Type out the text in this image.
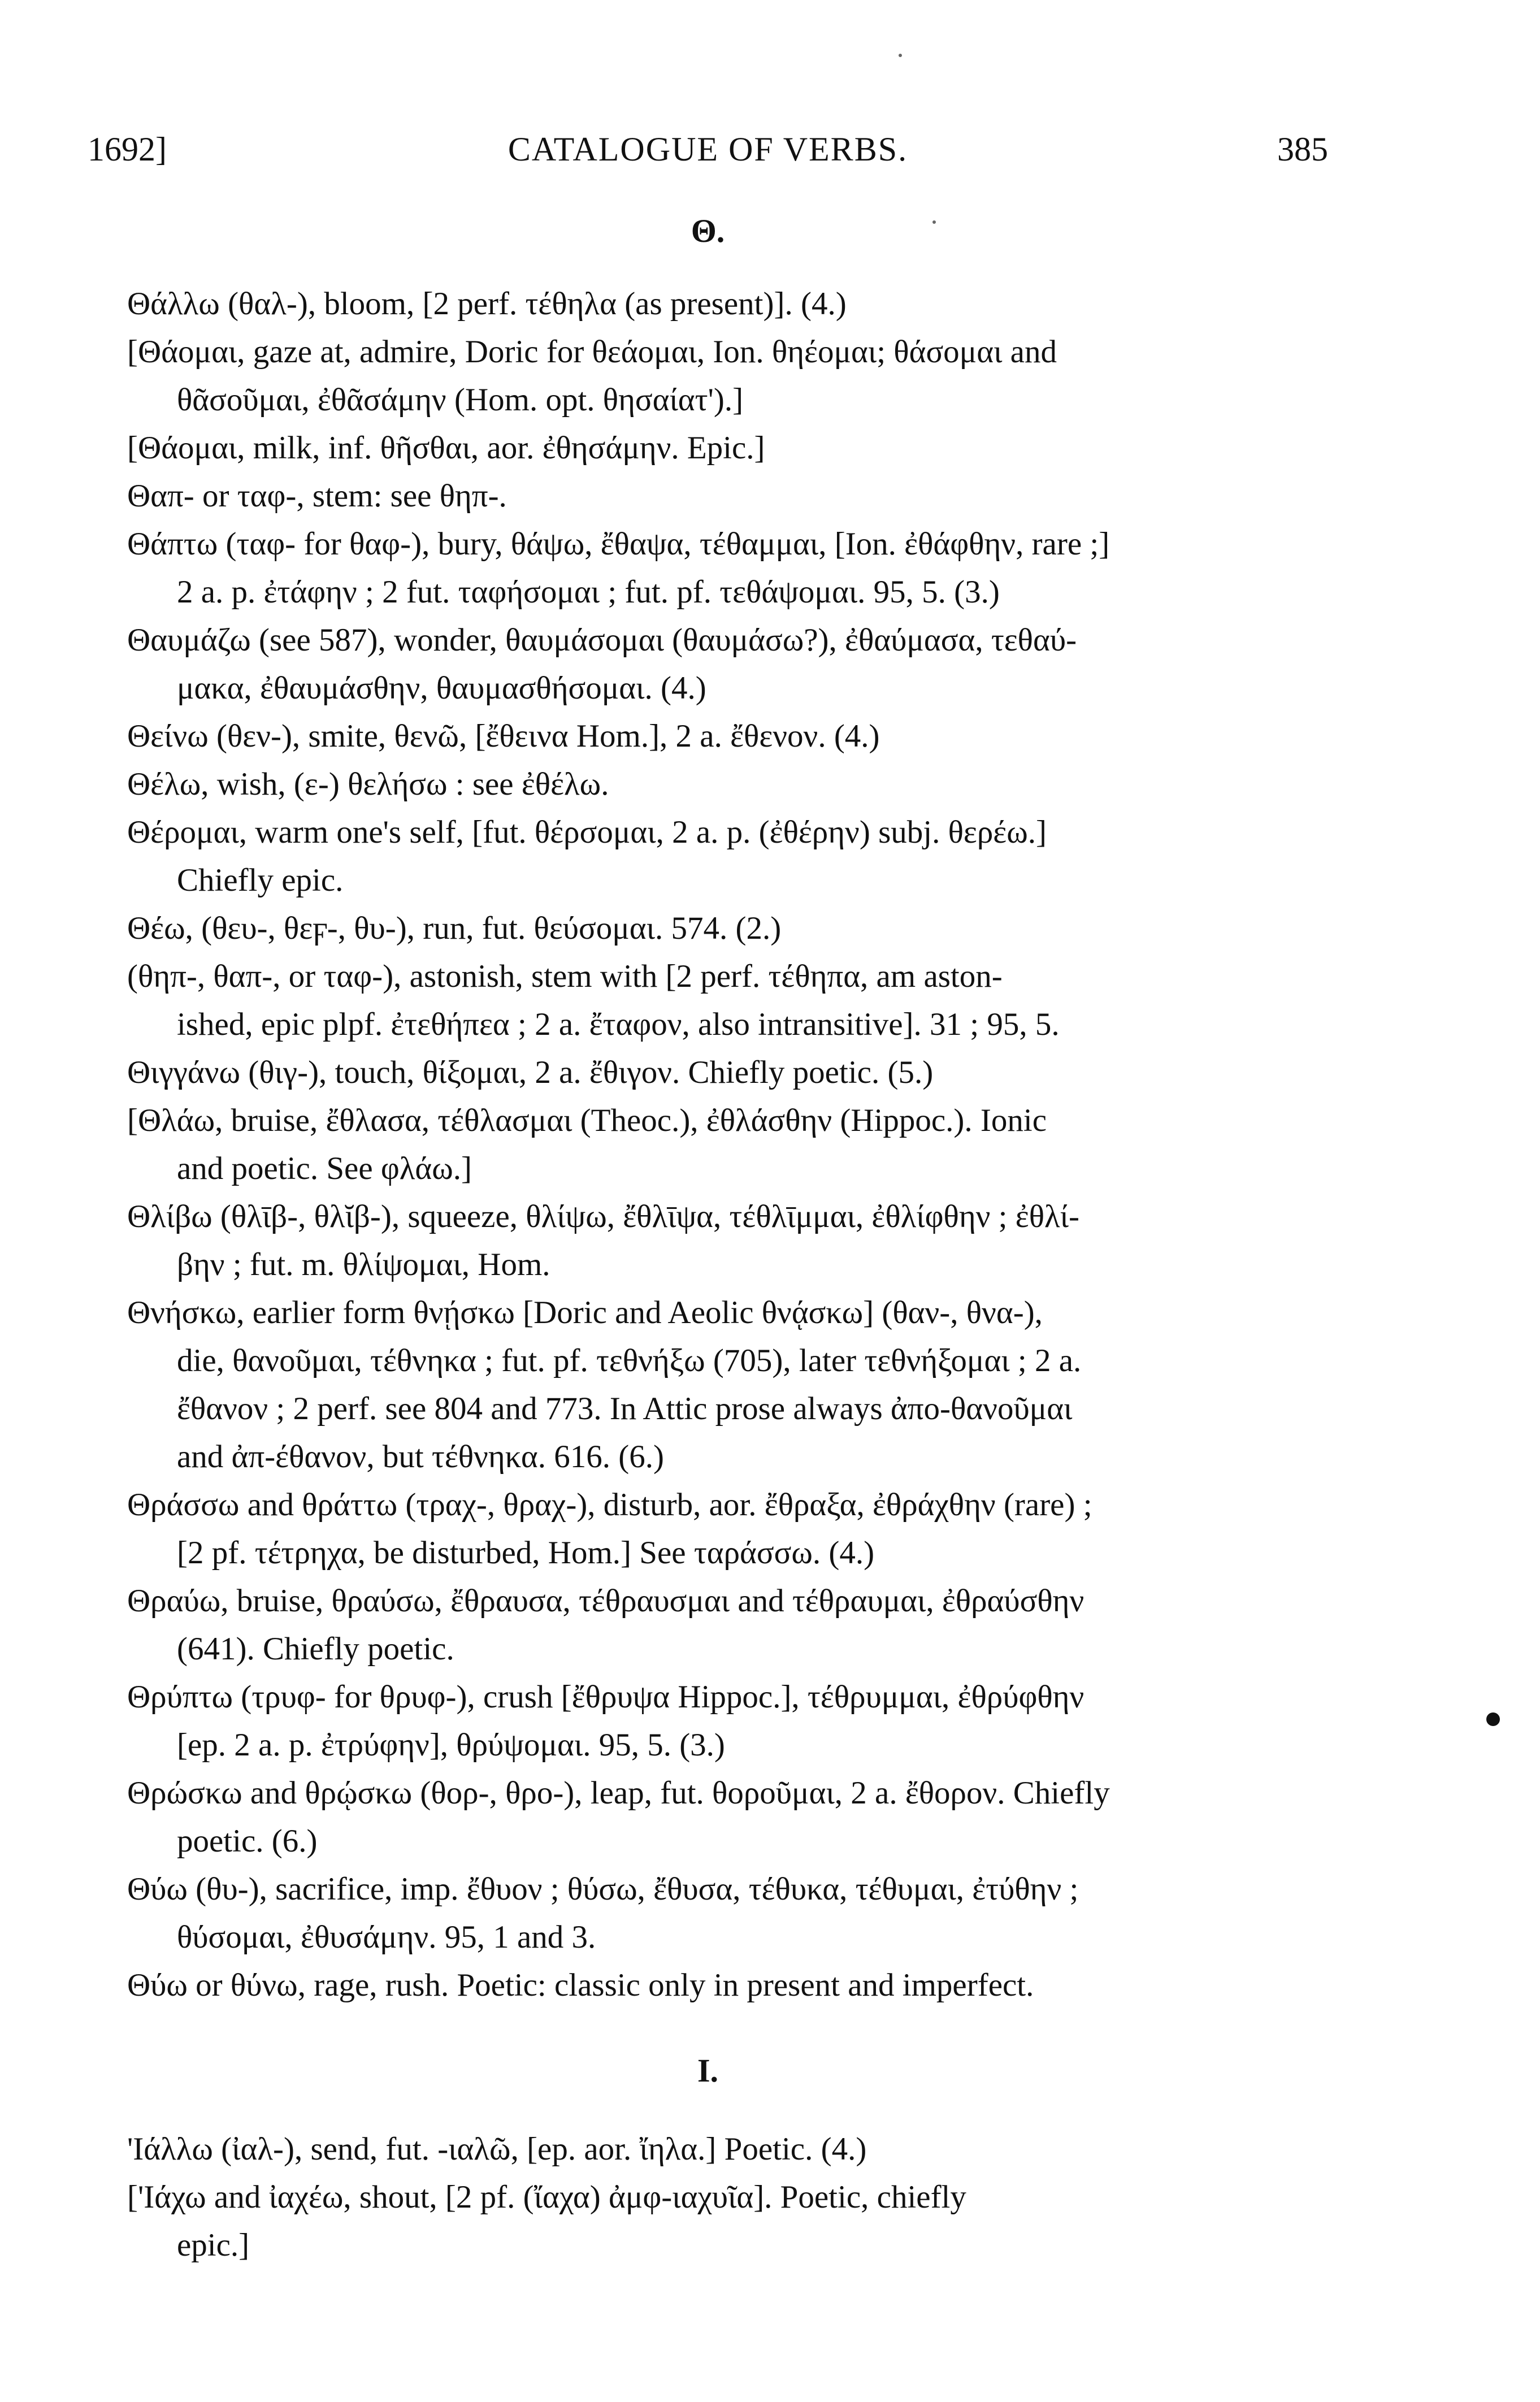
1692]	CATALOGUE OF VERBS.	385
Θ.
Θάλλω (θαλ-), bloom, [2 perf. τέθηλα (as present)]. (4.)
[Θάομαι, gaze at, admire, Doric for θεάομαι, Ion. θηέομαι; θάσομαι and
θᾶσοῦμαι, ἐθᾶσάμην (Hom. opt. θησαίατ').]
[Θάομαι, milk, inf. θῆσθαι, aor. ἐθησάμην. Epic.]
Θαπ- or ταφ-, stem: see θηπ-.
Θάπτω (ταφ- for θαφ-), bury, θάψω, ἔθαψα, τέθαμμαι, [Ion. ἐθάφθην, rare ;]
2 a. p. ἐτάφην ; 2 fut. ταφήσομαι ; fut. pf. τεθάψομαι. 95, 5. (3.)
Θαυμάζω (see 587), wonder, θαυμάσομαι (θαυμάσω?), ἐθαύμασα, τεθαύ-
μακα, ἐθαυμάσθην, θαυμασθήσομαι. (4.)
Θείνω (θεν-), smite, θενῶ, [ἔθεινα Hom.], 2 a. ἔθενον. (4.)
Θέλω, wish, (ε-) θελήσω : see ἐθέλω.
Θέρομαι, warm one's self, [fut. θέρσομαι, 2 a. p. (ἐθέρην) subj. θερέω.]
Chiefly epic.
Θέω, (θευ-, θεϝ-, θυ-), run, fut. θεύσομαι. 574. (2.)
(θηπ-, θαπ-, or ταφ-), astonish, stem with [2 perf. τέθηπα, am aston-
ished, epic plpf. ἐτεθήπεα ; 2 a. ἔταφον, also intransitive]. 31 ; 95, 5.
Θιγγάνω (θιγ-), touch, θίξομαι, 2 a. ἔθιγον. Chiefly poetic. (5.)
[Θλάω, bruise, ἔθλασα, τέθλασμαι (Theoc.), ἐθλάσθην (Hippoc.). Ionic
and poetic. See φλάω.]
Θλίβω (θλῑβ-, θλῐβ-), squeeze, θλίψω, ἔθλῑψα, τέθλῑμμαι, ἐθλίφθην ; ἐθλί-
βην ; fut. m. θλίψομαι, Hom.
Θνήσκω, earlier form θνῄσκω [Doric and Aeolic θνᾴσκω] (θαν-, θνα-),
die, θανοῦμαι, τέθνηκα ; fut. pf. τεθνήξω (705), later τεθνήξομαι ; 2 a.
ἔθανον ; 2 perf. see 804 and 773. In Attic prose always ἀπο-θανοῦμαι
and ἀπ-έθανον, but τέθνηκα. 616. (6.)
Θράσσω and θράττω (τραχ-, θραχ-), disturb, aor. ἔθραξα, ἐθράχθην (rare) ;
[2 pf. τέτρηχα, be disturbed, Hom.] See ταράσσω. (4.)
Θραύω, bruise, θραύσω, ἔθραυσα, τέθραυσμαι and τέθραυμαι, ἐθραύσθην
(641). Chiefly poetic.
Θρύπτω (τρυφ- for θρυφ-), crush [ἔθρυψα Hippoc.], τέθρυμμαι, ἐθρύφθην
[ep. 2 a. p. ἐτρύφην], θρύψομαι. 95, 5. (3.)
Θρώσκω and θρῴσκω (θορ-, θρο-), leap, fut. θοροῦμαι, 2 a. ἔθορον. Chiefly
poetic. (6.)
Θύω (θυ-), sacrifice, imp. ἔθυον ; θύσω, ἔθυσα, τέθυκα, τέθυμαι, ἐτύθην ;
θύσομαι, ἐθυσάμην. 95, 1 and 3.
Θύω or θύνω, rage, rush. Poetic: classic only in present and imperfect.
I.
'Ιάλλω (ἰαλ-), send, fut. -ιαλῶ, [ep. aor. ἴηλα.] Poetic. (4.)
['Ιάχω and ἰαχέω, shout, [2 pf. (ἴαχα) ἀμφ-ιαχυῖα]. Poetic, chiefly
epic.]
